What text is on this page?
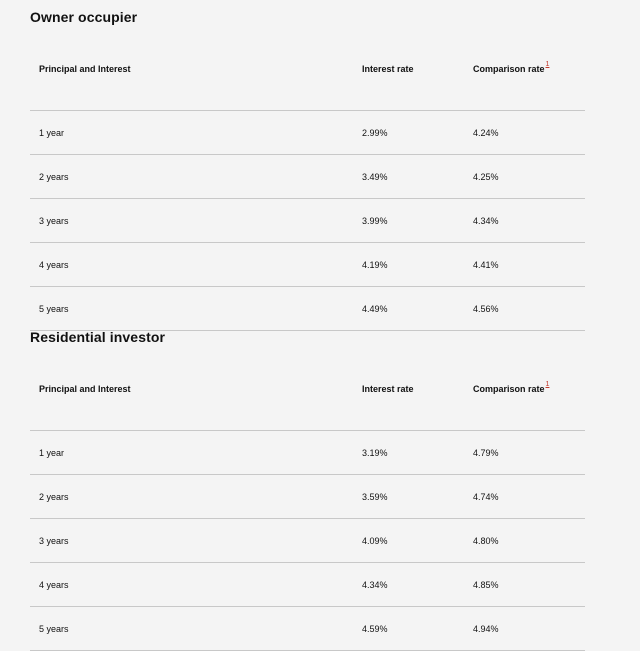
Owner occupier
Principal and Interest	Interest rate	Comparison rate$^1$
1 year	2.99%	4.24%
2 years	3.49%	4.25%
3 years	3.99%	4.34%
4 years	4.19%	4.41%
5 years	4.49%	4.56%
Residential investor
Principal and Interest	Interest rate	Comparison rate$^1$
1 year	3.19%	4.79%
2 years	3.59%	4.74%
3 years	4.09%	4.80%
4 years	4.34%	4.85%
5 years	4.59%	4.94%
